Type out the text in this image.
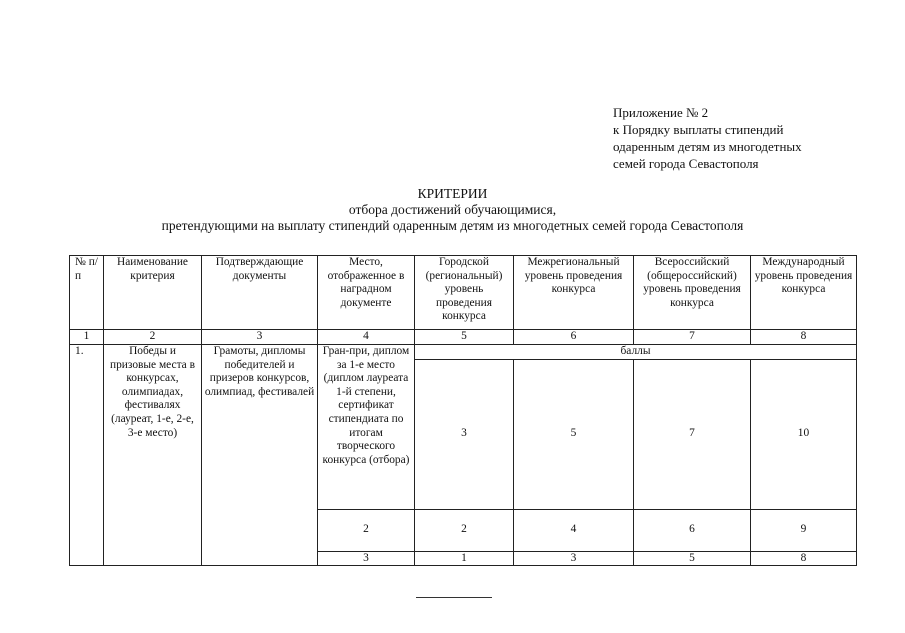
Приложение № 2
к Порядку выплаты стипендий
одаренным детям из многодетных
семей города Севастополя
КРИТЕРИИ
отбора достижений обучающимися,
претендующими на выплату стипендий одаренным детям из многодетных семей города Севастополя
№ п/п	Наименование критерия	Подтверждающие документы	Место, отображенное в наградном документе	Городской (региональный) уровень проведения конкурса	Межрегиональный уровень проведения конкурса	Всероссийский (общероссийский) уровень проведения конкурса	Международный уровень проведения конкурса
1	2	3	4	5	6	7	8
1.	Победы и призовые места в конкурсах, олимпиадах, фестивалях (лауреат, 1-е, 2-е, 3-е место)	Грамоты, дипломы победителей и призеров конкурсов, олимпиад, фестивалей	Гран-при, диплом за 1-е место (диплом лауреата 1-й степени, сертификат стипендиата по итогам творческого конкурса (отбора)	баллы			
				3	5	7	10
			2	2	4	6	9
			3	1	3	5	8
